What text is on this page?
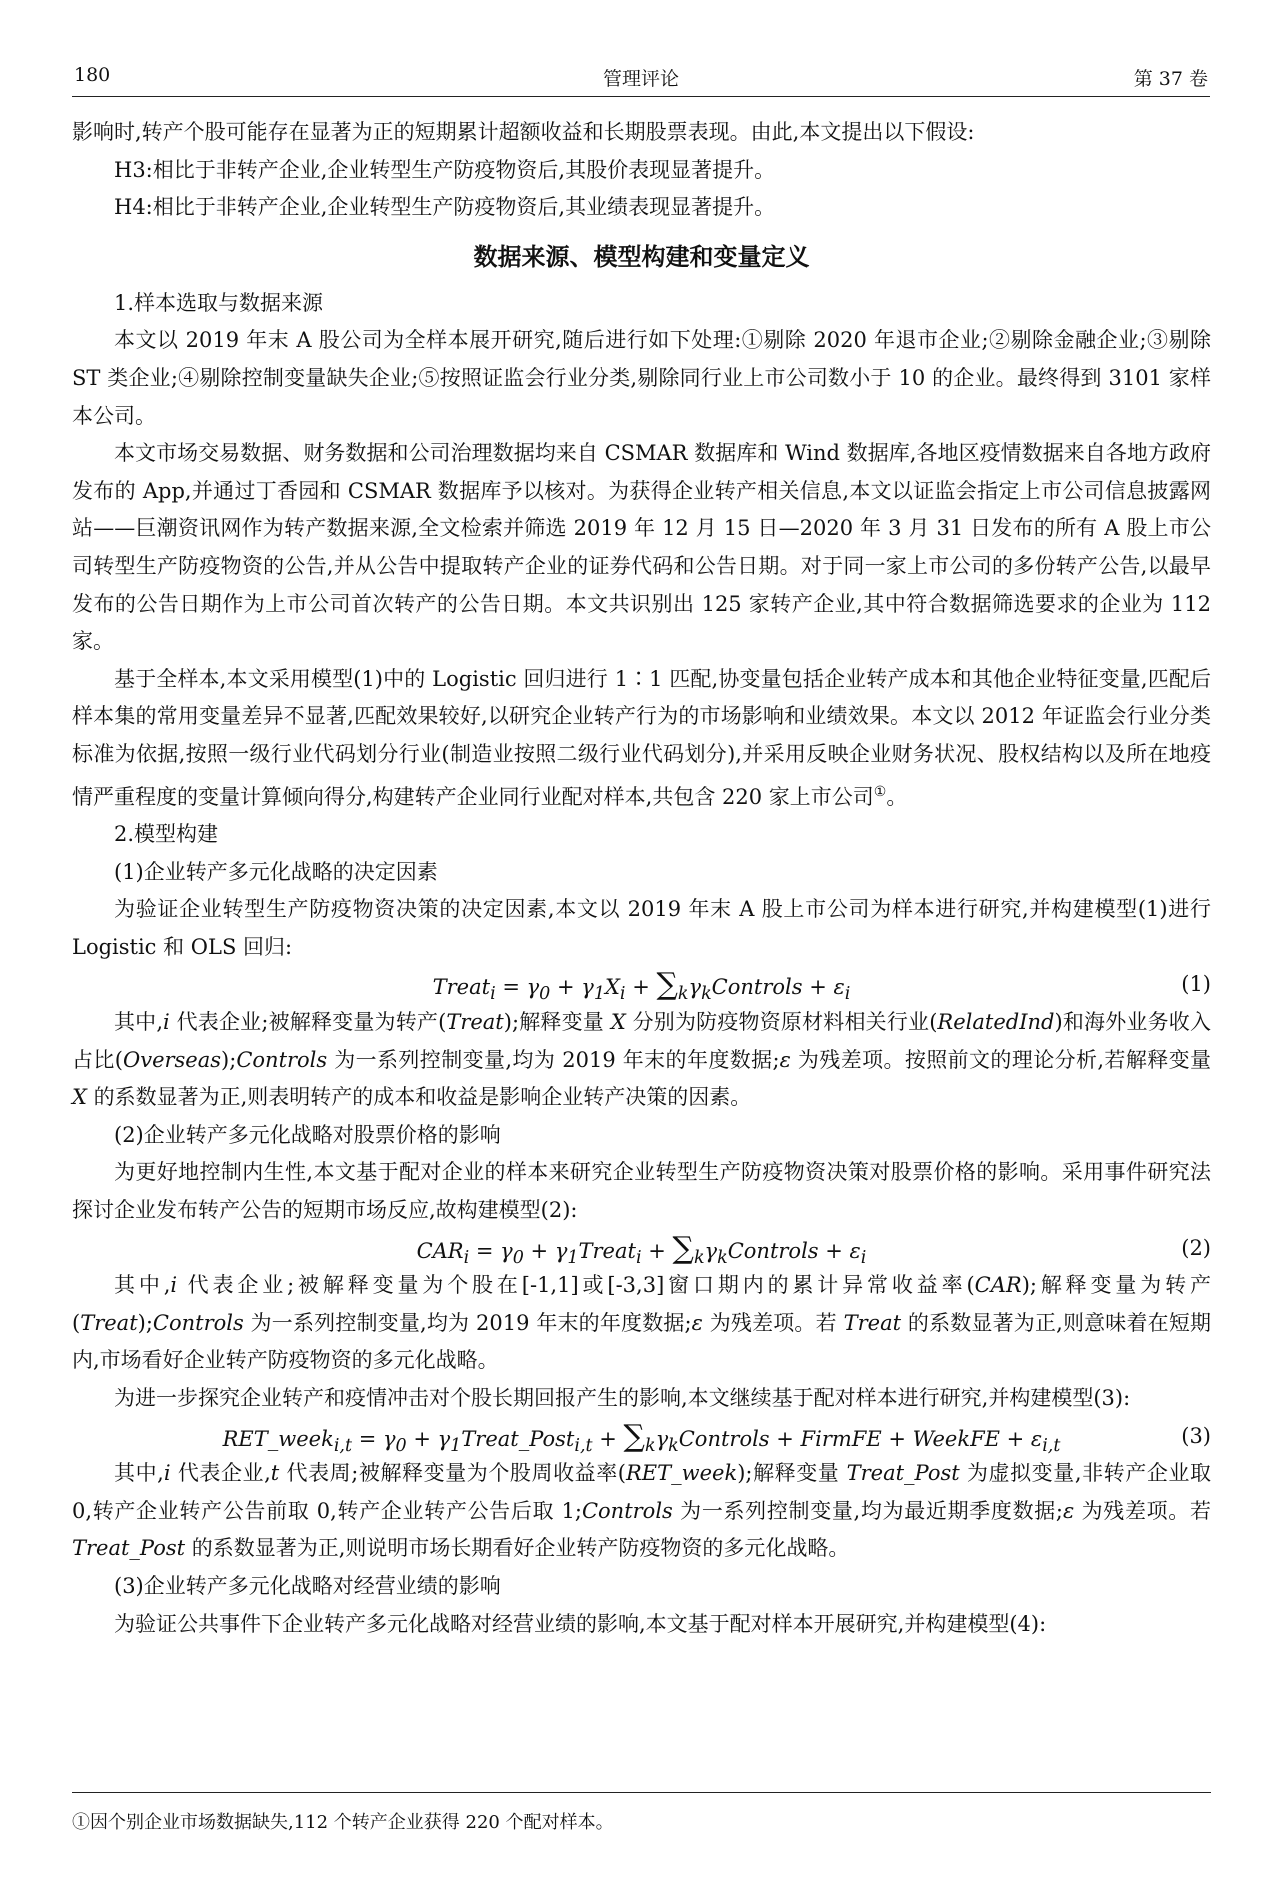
180	管理评论	第 37 卷

影响时,转产个股可能存在显著为正的短期累计超额收益和长期股票表现。由此,本文提出以下假设:

H3:相比于非转产企业,企业转型生产防疫物资后,其股价表现显著提升。

H4:相比于非转产企业,企业转型生产防疫物资后,其业绩表现显著提升。

数据来源、模型构建和变量定义

1.样本选取与数据来源

本文以 2019 年末 A 股公司为全样本展开研究,随后进行如下处理:①剔除 2020 年退市企业;②剔除金融企业;③剔除 ST 类企业;④剔除控制变量缺失企业;⑤按照证监会行业分类,剔除同行业上市公司数小于 10 的企业。最终得到 3101 家样本公司。

本文市场交易数据、财务数据和公司治理数据均来自 CSMAR 数据库和 Wind 数据库,各地区疫情数据来自各地方政府发布的 App,并通过丁香园和 CSMAR 数据库予以核对。为获得企业转产相关信息,本文以证监会指定上市公司信息披露网站——巨潮资讯网作为转产数据来源,全文检索并筛选 2019 年 12 月 15 日—2020 年 3 月 31 日发布的所有 A 股上市公司转型生产防疫物资的公告,并从公告中提取转产企业的证券代码和公告日期。对于同一家上市公司的多份转产公告,以最早发布的公告日期作为上市公司首次转产的公告日期。本文共识别出 125 家转产企业,其中符合数据筛选要求的企业为 112 家。

基于全样本,本文采用模型(1)中的 Logistic 回归进行 1∶1 匹配,协变量包括企业转产成本和其他企业特征变量,匹配后样本集的常用变量差异不显著,匹配效果较好,以研究企业转产行为的市场影响和业绩效果。本文以 2012 年证监会行业分类标准为依据,按照一级行业代码划分行业(制造业按照二级行业代码划分),并采用反映企业财务状况、股权结构以及所在地疫情严重程度的变量计算倾向得分,构建转产企业同行业配对样本,共包含 220 家上市公司①。

2.模型构建

(1)企业转产多元化战略的决定因素

为验证企业转型生产防疫物资决策的决定因素,本文以 2019 年末 A 股上市公司为样本进行研究,并构建模型(1)进行 Logistic 和 OLS 回归:

Treat$_i$ = $\gamma_0 + \gamma_1X_i$ + $\sum_k\gamma_kControls + \varepsilon_i$	(1)

其中,i 代表企业;被解释变量为转产(Treat);解释变量 X 分别为防疫物资原材料相关行业(RelatedInd)和海外业务收入占比(Overseas);Controls 为一系列控制变量,均为 2019 年末的年度数据;ε 为残差项。按照前文的理论分析,若解释变量 X 的系数显著为正,则表明转产的成本和收益是影响企业转产决策的因素。

(2)企业转产多元化战略对股票价格的影响

为更好地控制内生性,本文基于配对企业的样本来研究企业转型生产防疫物资决策对股票价格的影响。采用事件研究法探讨企业发布转产公告的短期市场反应,故构建模型(2):

$CAR_i = \gamma_0$ + $\gamma_1Treat_i$ + $\sum_k\gamma_kControls + \varepsilon_i$	(2)

其中,i 代表企业;被解释变量为个股在[-1,1]或[-3,3]窗口期内的累计异常收益率(CAR);解释变量为转产(Treat);Controls 为一系列控制变量,均为 2019 年末的年度数据;ε 为残差项。若 Treat 的系数显著为正,则意味着在短期内,市场看好企业转产防疫物资的多元化战略。

为进一步探究企业转产和疫情冲击对个股长期回报产生的影响,本文继续基于配对样本进行研究,并构建模型(3):

RET_week$_{i,t}$ = $\gamma_0$ + $\gamma_1Treat\_Post_{i,t}$ + $\sum_k\gamma_kControls$ + FirmFE + WeekFE + $\varepsilon_{i,t}$	(3)

其中,i 代表企业,t 代表周;被解释变量为个股周收益率(RET_week);解释变量 Treat_Post 为虚拟变量,非转产企业取 0,转产企业转产公告前取 0,转产企业转产公告后取 1;Controls 为一系列控制变量,均为最近期季度数据;ε 为残差项。若 Treat_Post 的系数显著为正,则说明市场长期看好企业转产防疫物资的多元化战略。

(3)企业转产多元化战略对经营业绩的影响

为验证公共事件下企业转产多元化战略对经营业绩的影响,本文基于配对样本开展研究,并构建模型(4):

①因个别企业市场数据缺失,112 个转产企业获得 220 个配对样本。
